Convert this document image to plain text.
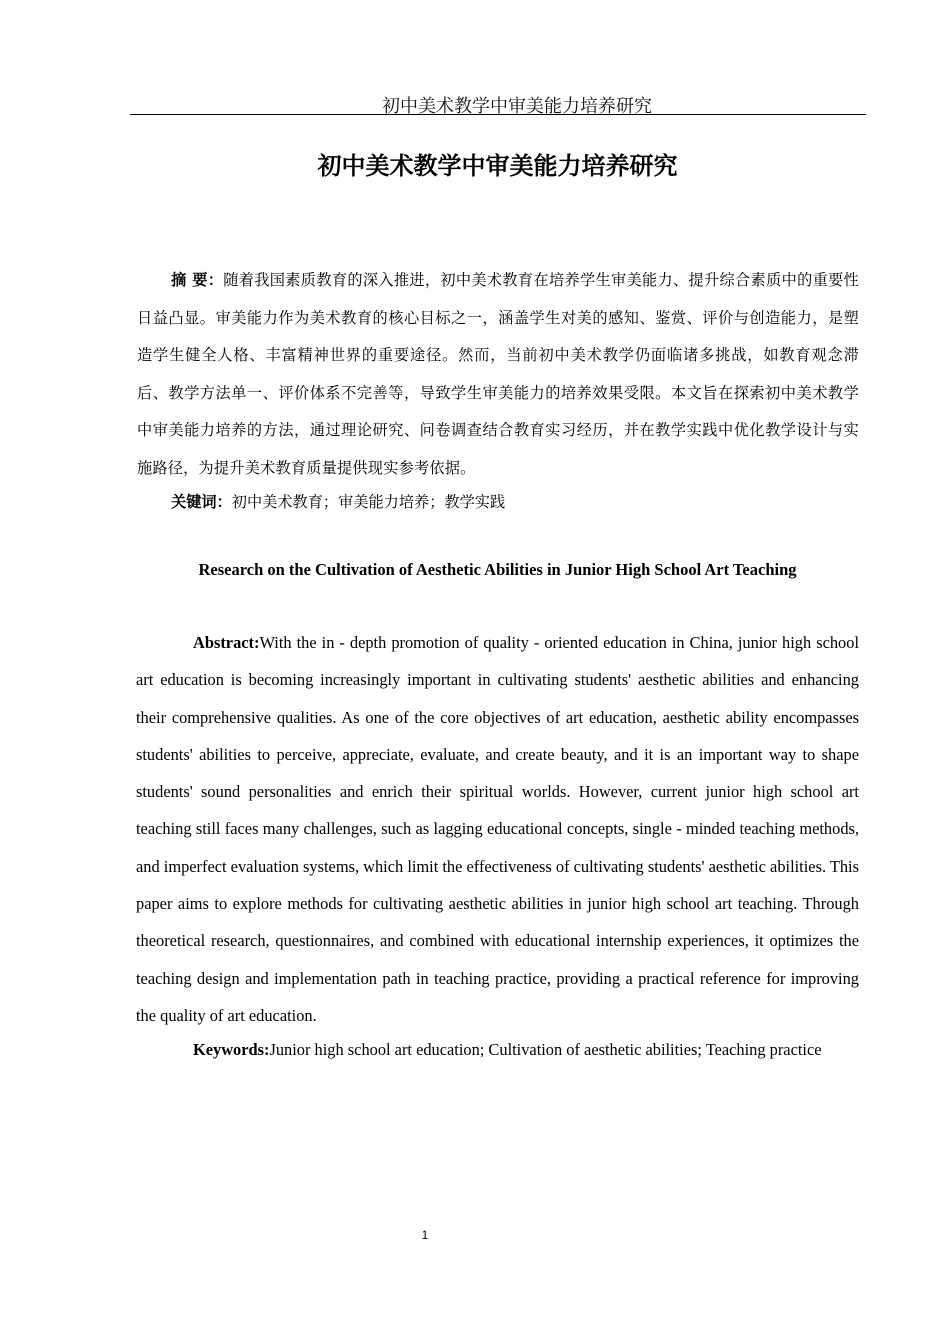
初中美术教学中审美能力培养研究
初中美术教学中审美能力培养研究

摘 要：随着我国素质教育的深入推进，初中美术教育在培养学生审美能力、提升综合素质中的重要性日益凸显。审美能力作为美术教育的核心目标之一，涵盖学生对美的感知、鉴赏、评价与创造能力，是塑造学生健全人格、丰富精神世界的重要途径。然而，当前初中美术教学仍面临诸多挑战，如教育观念滞后、教学方法单一、评价体系不完善等，导致学生审美能力的培养效果受限。本文旨在探索初中美术教学中审美能力培养的方法，通过理论研究、问卷调查结合教育实习经历，并在教学实践中优化教学设计与实施路径，为提升美术教育质量提供现实参考依据。

关键词：初中美术教育；审美能力培养；教学实践

Research on the Cultivation of Aesthetic Abilities in Junior High School Art Teaching

Abstract:With the in - depth promotion of quality - oriented education in China, junior high school art education is becoming increasingly important in cultivating students' aesthetic abilities and enhancing their comprehensive qualities. As one of the core objectives of art education, aesthetic ability encompasses students' abilities to perceive, appreciate, evaluate, and create beauty, and it is an important way to shape students' sound personalities and enrich their spiritual worlds. However, current junior high school art teaching still faces many challenges, such as lagging educational concepts, single - minded teaching methods, and imperfect evaluation systems, which limit the effectiveness of cultivating students' aesthetic abilities. This paper aims to explore methods for cultivating aesthetic abilities in junior high school art teaching. Through theoretical research, questionnaires, and combined with educational internship experiences, it optimizes the teaching design and implementation path in teaching practice, providing a practical reference for improving the quality of art education.

Keywords:Junior high school art education; Cultivation of aesthetic abilities; Teaching practice

1
